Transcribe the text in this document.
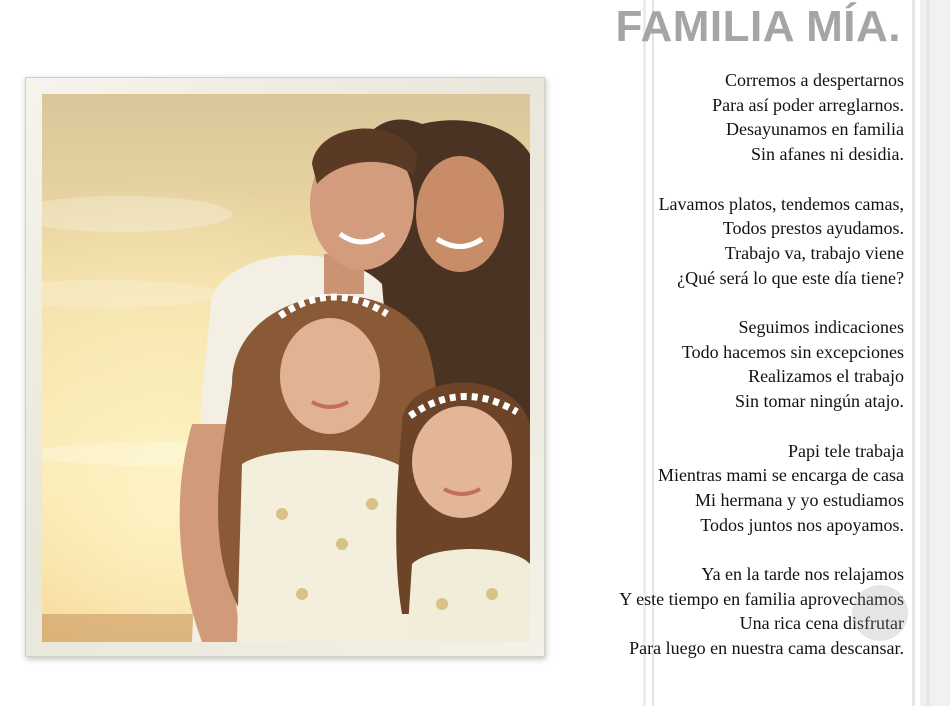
FAMILIA MÍA.

Corremos a despertarnos
Para así poder arreglarnos.
Desayunamos en familia
Sin afanes ni desidia.

Lavamos platos, tendemos camas,
Todos prestos ayudamos.
Trabajo va, trabajo viene
¿Qué será lo que este día tiene?

Seguimos indicaciones
Todo hacemos sin excepciones
Realizamos el trabajo
Sin tomar ningún atajo.

Papi tele trabaja
Mientras mami se encarga de casa
Mi hermana y yo estudiamos
Todos juntos nos apoyamos.

Ya en la tarde nos relajamos
Y este tiempo en familia aprovechamos
Una rica cena disfrutar
Para luego en nuestra cama descansar.
